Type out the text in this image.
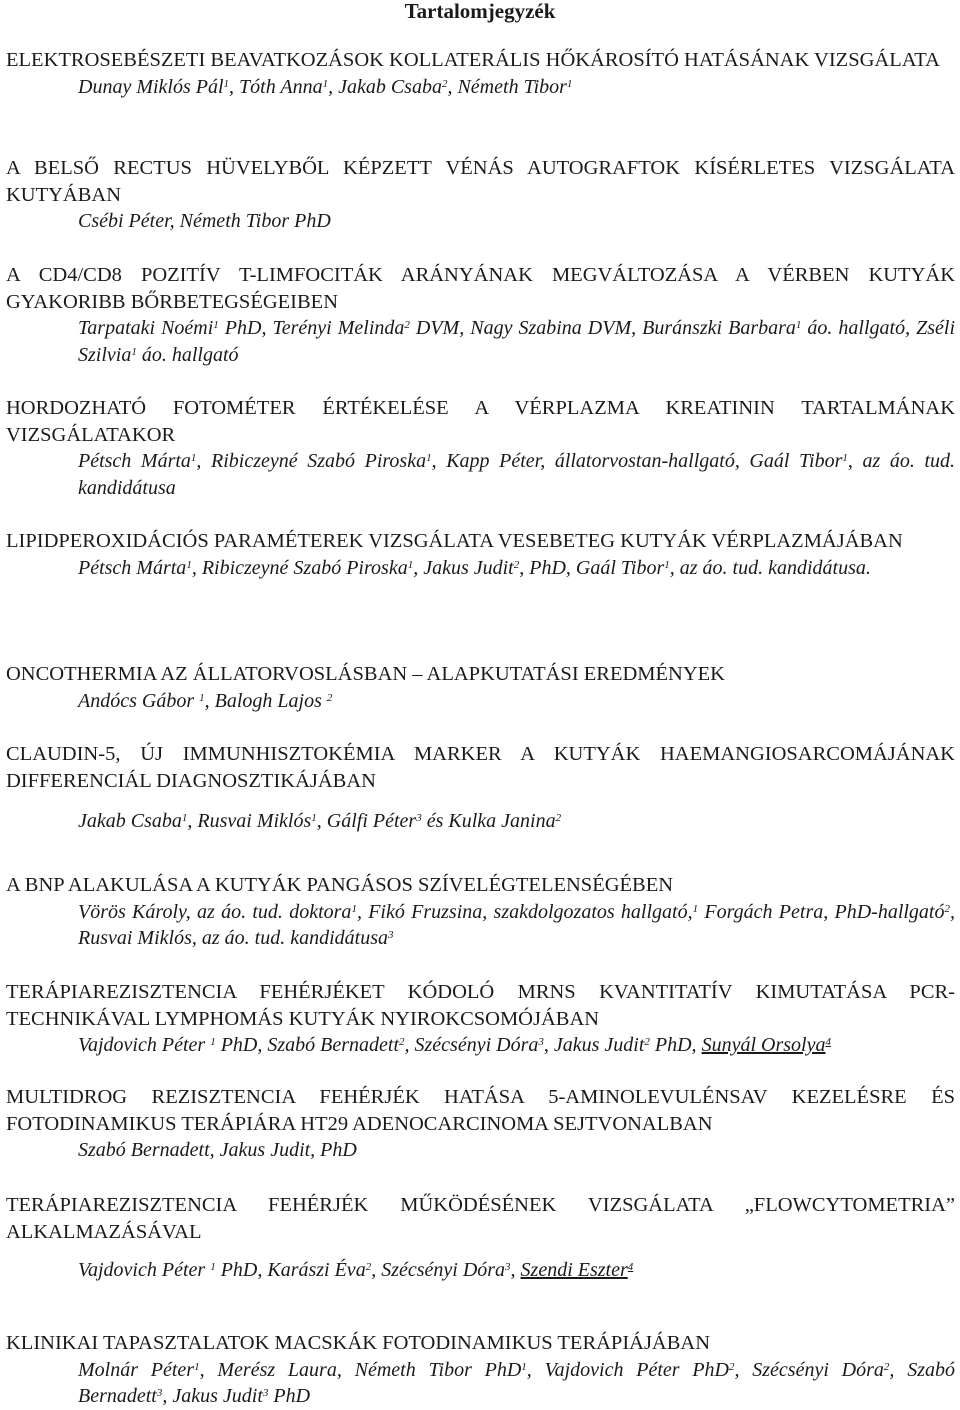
Tartalomjegyzék
ELEKTROSEBÉSZETI BEAVATKOZÁSOK KOLLATERÁLIS HŐKÁROSÍTÓ HATÁSÁNAK VIZSGÁLATA
Dunay Miklós Pál$^1$, Tóth Anna$^1$, Jakab Csaba$^2$, Németh Tibor$^1$
A BELSŐ RECTUS HÜVELYBŐL KÉPZETT VÉNÁS AUTOGRAFTOK KÍSÉRLETES VIZSGÁLATA KUTYÁBAN
Csébi Péter, Németh Tibor PhD
A CD4/CD8 POZITÍV T-LIMFOCITÁK ARÁNYÁNAK MEGVÁLTOZÁSA A VÉRBEN KUTYÁK GYAKORIBB BŐRBETEGSÉGEIBEN
Tarpataki Noémi$^1$ PhD, Terényi Melinda$^2$ DVM, Nagy Szabina DVM, Buránszki Barbara$^1$ áo. hallgató, Zséli Szilvia$^1$ áo. hallgató
HORDOZHATÓ FOTOMÉTER ÉRTÉKELÉSE A VÉRPLAZMA KREATININ TARTALMÁNAK VIZSGÁLATAKOR
Pétsch Márta$^1$, Ribiczeyné Szabó Piroska$^1$, Kapp Péter, állatorvostan-hallgató, Gaál Tibor$^1$, az áo. tud. kandidátusa
LIPIDPEROXIDÁCIÓS PARAMÉTEREK VIZSGÁLATA VESEBETEG KUTYÁK VÉRPLAZMÁJÁBAN
Pétsch Márta$^1$, Ribiczeyné Szabó Piroska$^1$, Jakus Judit$^2$, PhD, Gaál Tibor$^1$, az áo. tud. kandidátusa.
ONCOTHERMIA AZ ÁLLATORVOSLÁSBAN – ALAPKUTATÁSI EREDMÉNYEK
Andócs Gábor $^1$, Balogh Lajos $^2$
CLAUDIN-5, ÚJ IMMUNHISZTOKÉMIA MARKER A KUTYÁK HAEMANGIOSARCOMÁJÁNAK DIFFERENCIÁL DIAGNOSZTIKÁJÁBAN
Jakab Csaba$^1$, Rusvai Miklós$^1$, Gálfi Péter$^3$ és Kulka Janina$^2$
A BNP ALAKULÁSA A KUTYÁK PANGÁSOS SZÍVELÉGTELENSÉGÉBEN
Vörös Károly, az áo. tud. doktora$^1$, Fikó Fruzsina, szakdolgozatos hallgató,$^1$ Forgách Petra, PhD-hallgató$^2$, Rusvai Miklós, az áo. tud. kandidátusa$^3$
TERÁPIAREZISZTENCIA FEHÉRJÉKET KÓDOLÓ MRNS KVANTITATÍV KIMUTATÁSA PCR-TECHNIKÁVAL LYMPHOMÁS KUTYÁK NYIROKCSOMÓJÁBAN
Vajdovich Péter $^1$ PhD, Szabó Bernadett$^2$, Szécsényi Dóra$^3$, Jakus Judit$^2$ PhD, Sunyál Orsolya$^4$
MULTIDROG REZISZTENCIA FEHÉRJÉK HATÁSA 5-AMINOLEVULÉNSAV KEZELÉSRE ÉS FOTODINAMIKUS TERÁPIÁRA HT29 ADENOCARCINOMA SEJTVONALBAN
Szabó Bernadett, Jakus Judit, PhD
TERÁPIAREZISZTENCIA FEHÉRJÉK MŰKÖDÉSÉNEK VIZSGÁLATA „FLOWCYTOMETRIA” ALKALMAZÁSÁVAL
Vajdovich Péter $^1$ PhD, Karászi Éva$^2$, Szécsényi Dóra$^3$, Szendi Eszter$^4$
KLINIKAI TAPASZTALATOK MACSKÁK FOTODINAMIKUS TERÁPIÁJÁBAN
Molnár Péter$^1$, Merész Laura, Németh Tibor PhD$^1$, Vajdovich Péter PhD$^2$, Szécsényi Dóra$^2$, Szabó Bernadett$^3$, Jakus Judit$^3$ PhD
